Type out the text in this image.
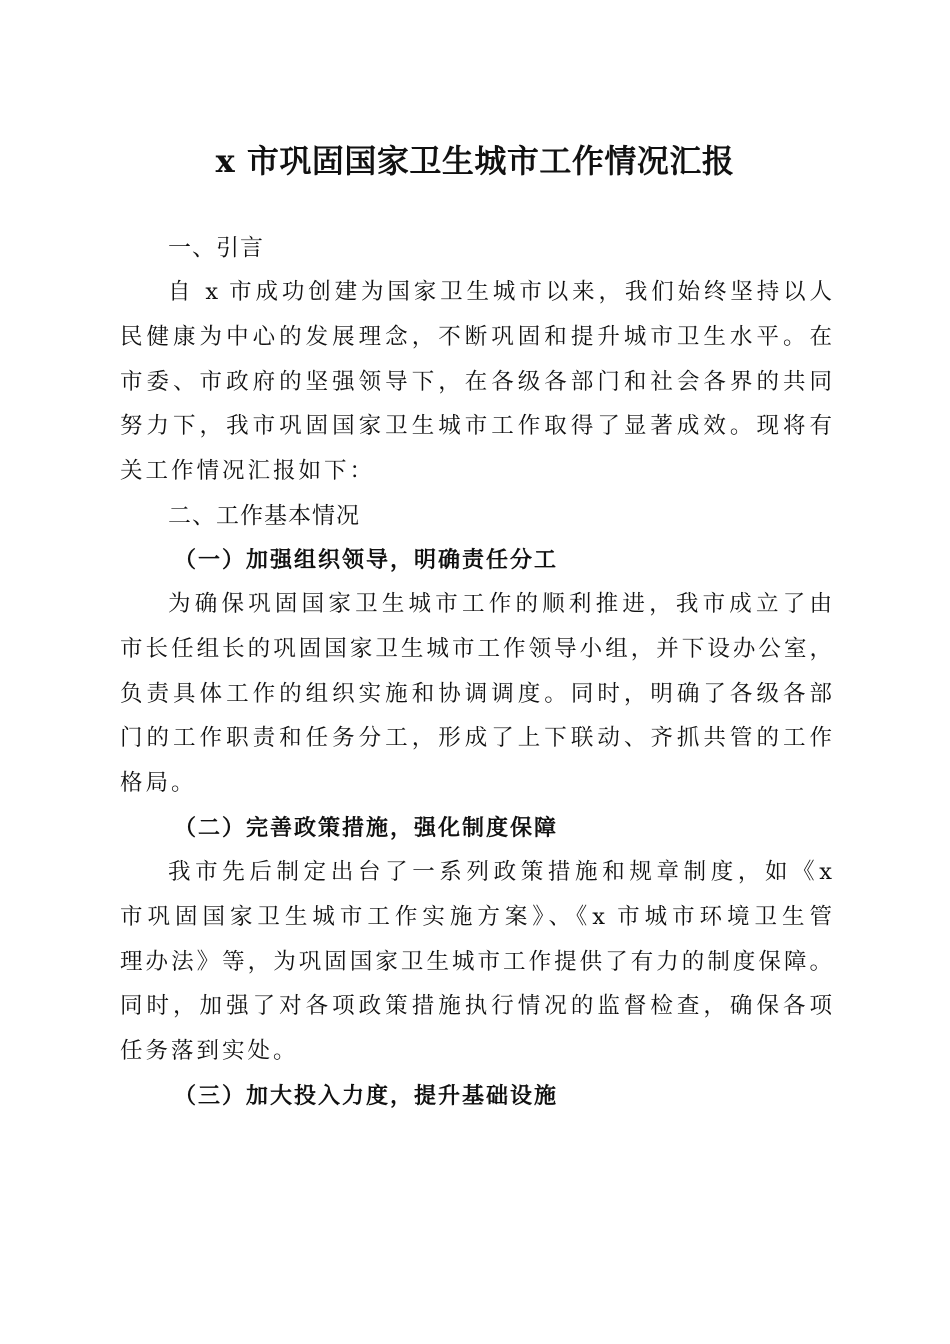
x 市巩固国家卫生城市工作情况汇报
一、引言

自 x 市成功创建为国家卫生城市以来，我们始终坚持以人
民健康为中心的发展理念，不断巩固和提升城市卫生水平。在
市委、市政府的坚强领导下，在各级各部门和社会各界的共同
努力下，我市巩固国家卫生城市工作取得了显著成效。现将有
关工作情况汇报如下：

二、工作基本情况
（一）加强组织领导，明确责任分工

为确保巩固国家卫生城市工作的顺利推进，我市成立了由
市长任组长的巩固国家卫生城市工作领导小组，并下设办公室，
负责具体工作的组织实施和协调调度。同时，明确了各级各部
门的工作职责和任务分工，形成了上下联动、齐抓共管的工作
格局。

（二）完善政策措施，强化制度保障

我市先后制定出台了一系列政策措施和规章制度，如《x
市巩固国家卫生城市工作实施方案》、《x 市城市环境卫生管
理办法》等，为巩固国家卫生城市工作提供了有力的制度保障。
同时，加强了对各项政策措施执行情况的监督检查，确保各项
任务落到实处。

（三）加大投入力度，提升基础设施
